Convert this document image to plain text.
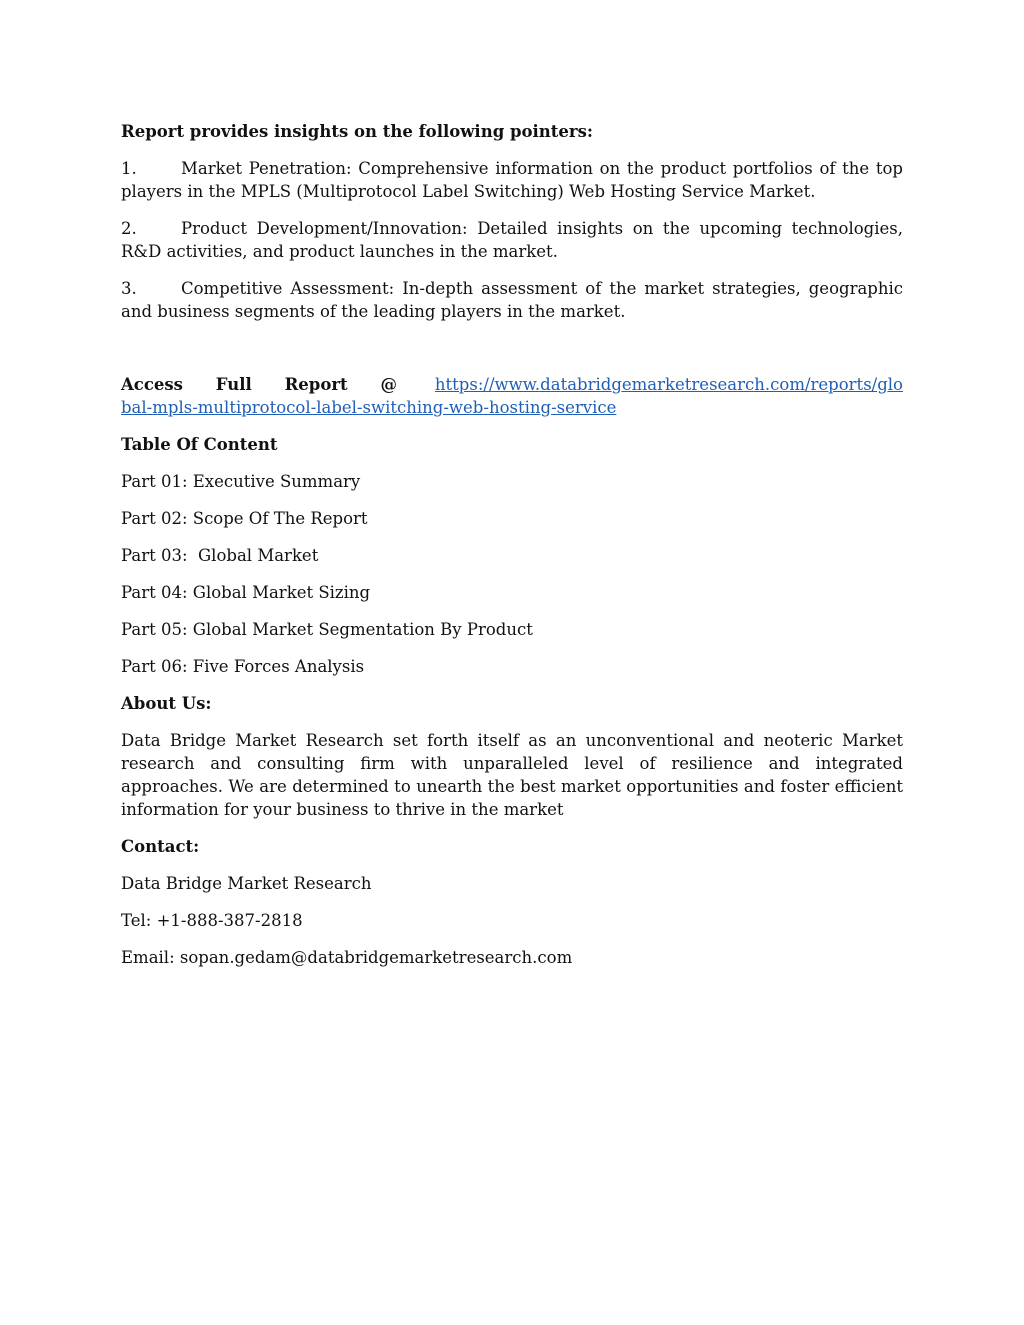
Report provides insights on the following pointers:

1.	Market Penetration: Comprehensive information on the product portfolios of the top players in the MPLS (Multiprotocol Label Switching) Web Hosting Service Market.

2.	Product Development/Innovation: Detailed insights on the upcoming technologies, R&D activities, and product launches in the market.

3.	Competitive Assessment: In-depth assessment of the market strategies, geographic and business segments of the leading players in the market.

Access Full Report @ https://www.databridgemarketresearch.com/reports/global-mpls-multiprotocol-label-switching-web-hosting-service

Table Of Content

Part 01: Executive Summary

Part 02: Scope Of The Report

Part 03:  Global Market

Part 04: Global Market Sizing

Part 05: Global Market Segmentation By Product

Part 06: Five Forces Analysis

About Us:

Data Bridge Market Research set forth itself as an unconventional and neoteric Market research and consulting firm with unparalleled level of resilience and integrated approaches. We are determined to unearth the best market opportunities and foster efficient information for your business to thrive in the market

Contact:

Data Bridge Market Research

Tel: +1-888-387-2818

Email: sopan.gedam@databridgemarketresearch.com
